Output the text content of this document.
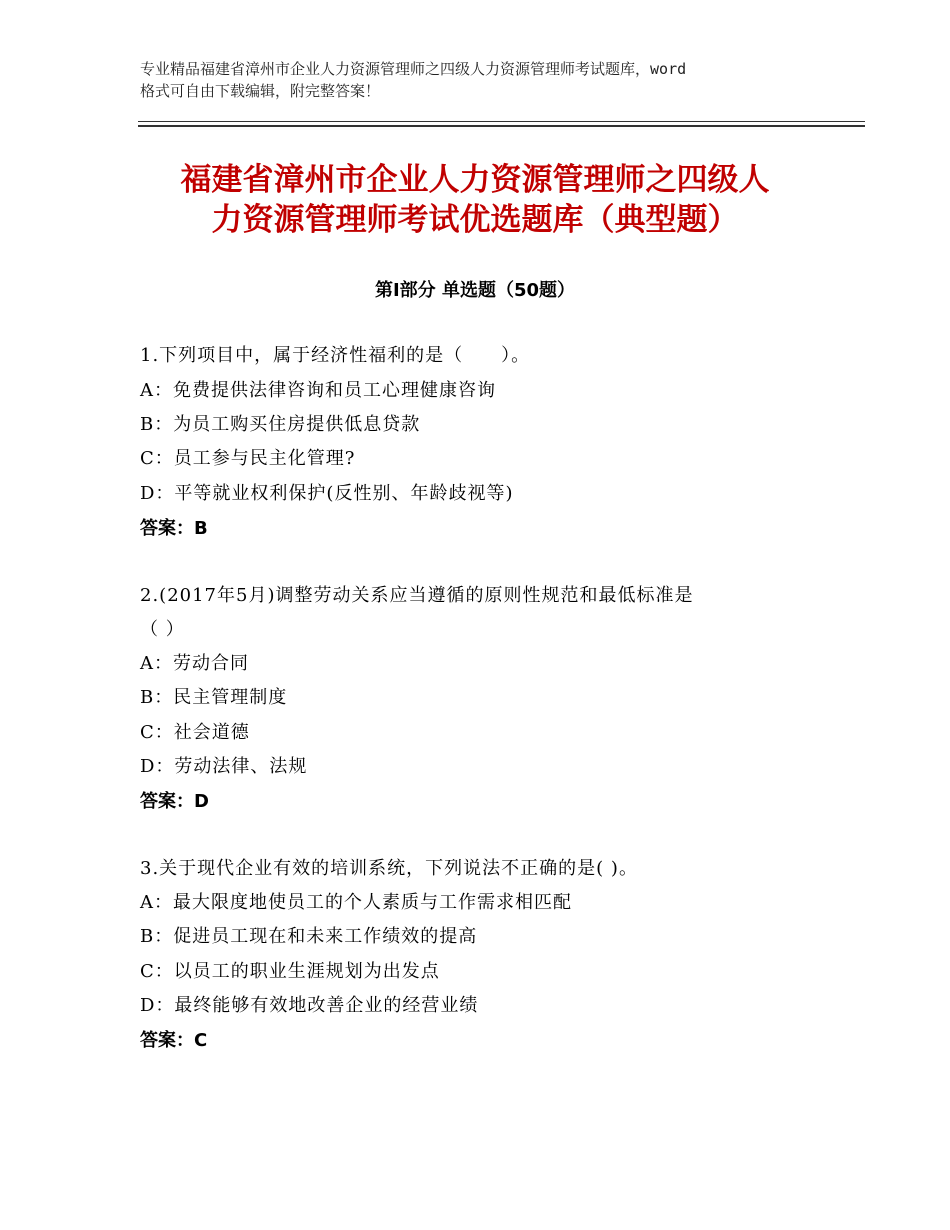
专业精品福建省漳州市企业人力资源管理师之四级人力资源管理师考试题库，word
格式可自由下载编辑，附完整答案！
福建省漳州市企业人力资源管理师之四级人
力资源管理师考试优选题库（典型题）
第Ⅰ部分 单选题（50题）
1.下列项目中，属于经济性福利的是（　　）。
A：免费提供法律咨询和员工心理健康咨询
B：为员工购买住房提供低息贷款
C：员工参与民主化管理?
D：平等就业权利保护(反性别、年龄歧视等)
答案：B
2.(2017年5月)调整劳动关系应当遵循的原则性规范和最低标准是
（ ）
A：劳动合同
B：民主管理制度
C：社会道德
D：劳动法律、法规
答案：D
3.关于现代企业有效的培训系统，下列说法不正确的是( )。
A：最大限度地使员工的个人素质与工作需求相匹配
B：促进员工现在和未来工作绩效的提高
C：以员工的职业生涯规划为出发点
D：最终能够有效地改善企业的经营业绩
答案：C
